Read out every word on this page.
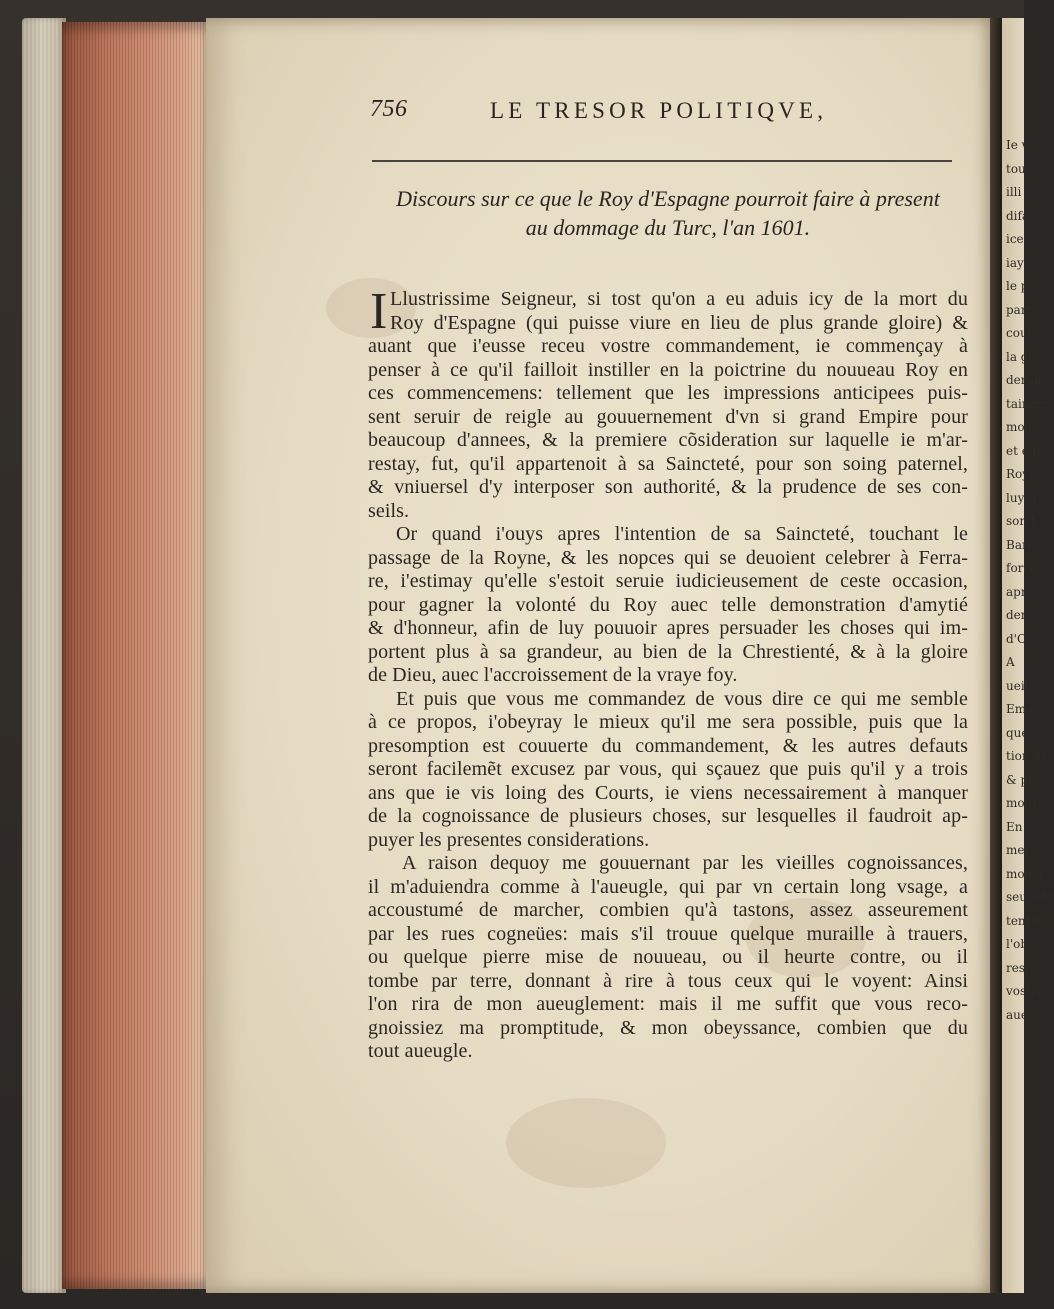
Ie v
tou
illi
difai
icenc
iay d'E
le pren
partic
coura
la gue
deran
tainem
mouer
et elle
Roya
luy ti
son t
Barb
forces
apres
dent,
d'Ora
A
ueill
Ema
quel
tion de
& plu
moure
En
mer le
monsi
seule M
tent de
l'obeys
respon
vostre
aueugl
756	LE TRESOR POLITIQVE,
Discours sur ce que le Roy d'Espagne pourroit faire à present
au dommage du Turc, l'an 1601.
I Llustrissime Seigneur, si tost qu'on a eu aduis icy de la mort du
Roy d'Espagne (qui puisse viure en lieu de plus grande gloire) &
auant que i'eusse receu vostre commandement, ie commençay à
penser à ce qu'il failloit instiller en la poictrine du nouueau Roy en
ces commencemens: tellement que les impressions anticipees puis-
sent seruir de reigle au gouuernement d'vn si grand Empire pour
beaucoup d'annees, & la premiere cõsideration sur laquelle ie m'ar-
restay, fut, qu'il appartenoit à sa Saincteté, pour son soing paternel,
& vniuersel d'y interposer son authorité, & la prudence de ses con-
seils.
Or quand i'ouys apres l'intention de sa Saincteté, touchant le
passage de la Royne, & les nopces qui se deuoient celebrer à Ferra-
re, i'estimay qu'elle s'estoit seruie iudicieusement de ceste occasion,
pour gagner la volonté du Roy auec telle demonstration d'amytié
& d'honneur, afin de luy pouuoir apres persuader les choses qui im-
portent plus à sa grandeur, au bien de la Chrestienté, & à la gloire
de Dieu, auec l'accroissement de la vraye foy.
Et puis que vous me commandez de vous dire ce qui me semble
à ce propos, i'obeyray le mieux qu'il me sera possible, puis que la
presomption est couuerte du commandement, & les autres defauts
seront facilemẽt excusez par vous, qui sçauez que puis qu'il y a trois
ans que ie vis loing des Courts, ie viens necessairement à manquer
de la cognoissance de plusieurs choses, sur lesquelles il faudroit ap-
puyer les presentes considerations.
A raison dequoy me gouuernant par les vieilles cognoissances,
il m'aduiendra comme à l'aueugle, qui par vn certain long vsage, a
accoustumé de marcher, combien qu'à tastons, assez asseurement
par les rues cogneües: mais s'il trouue quelque muraille à trauers,
ou quelque pierre mise de nouueau, ou il heurte contre, ou il
tombe par terre, donnant à rire à tous ceux qui le voyent: Ainsi
l'on rira de mon aueuglement: mais il me suffit que vous reco-
gnoissiez ma promptitude, & mon obeyssance, combien que du
tout aueugle.
